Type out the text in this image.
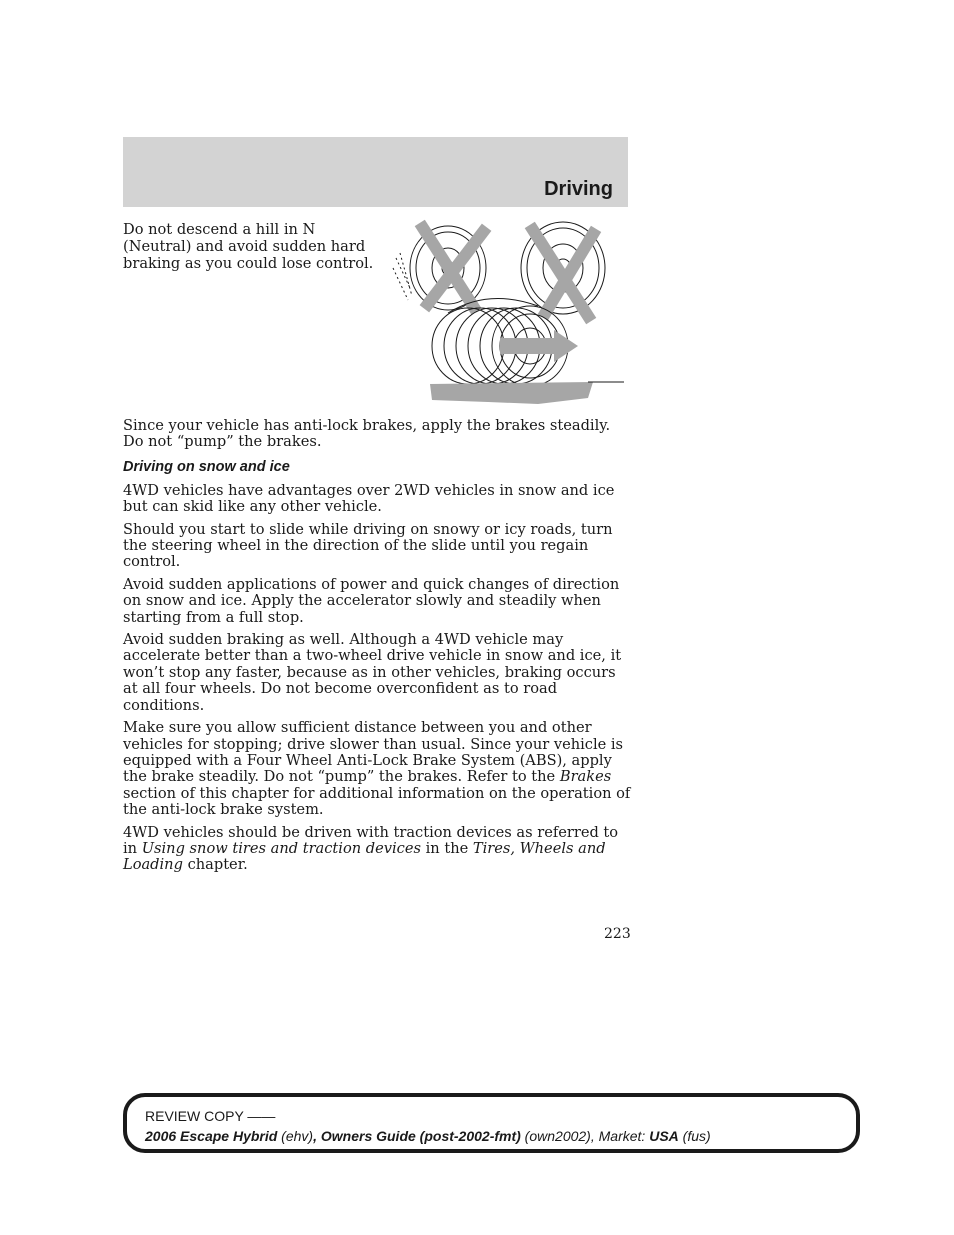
Driving

Do not descend a hill in N (Neutral) and avoid sudden hard braking as you could lose control.

Since your vehicle has anti-lock brakes, apply the brakes steadily. Do not “pump” the brakes.

Driving on snow and ice

4WD vehicles have advantages over 2WD vehicles in snow and ice but can skid like any other vehicle.

Should you start to slide while driving on snowy or icy roads, turn the steering wheel in the direction of the slide until you regain control.

Avoid sudden applications of power and quick changes of direction on snow and ice. Apply the accelerator slowly and steadily when starting from a full stop.

Avoid sudden braking as well. Although a 4WD vehicle may accelerate better than a two-wheel drive vehicle in snow and ice, it won’t stop any faster, because as in other vehicles, braking occurs at all four wheels. Do not become overconfident as to road conditions.

Make sure you allow sufficient distance between you and other vehicles for stopping; drive slower than usual. Since your vehicle is equipped with a Four Wheel Anti-Lock Brake System (ABS), apply the brake steadily. Do not “pump” the brakes. Refer to the Brakes section of this chapter for additional information on the operation of the anti-lock brake system.

4WD vehicles should be driven with traction devices as referred to in Using snow tires and traction devices in the Tires, Wheels and Loading chapter.

223
REVIEW COPY ——
2006 Escape Hybrid (ehv), Owners Guide (post-2002-fmt) (own2002), Market: USA (fus)
